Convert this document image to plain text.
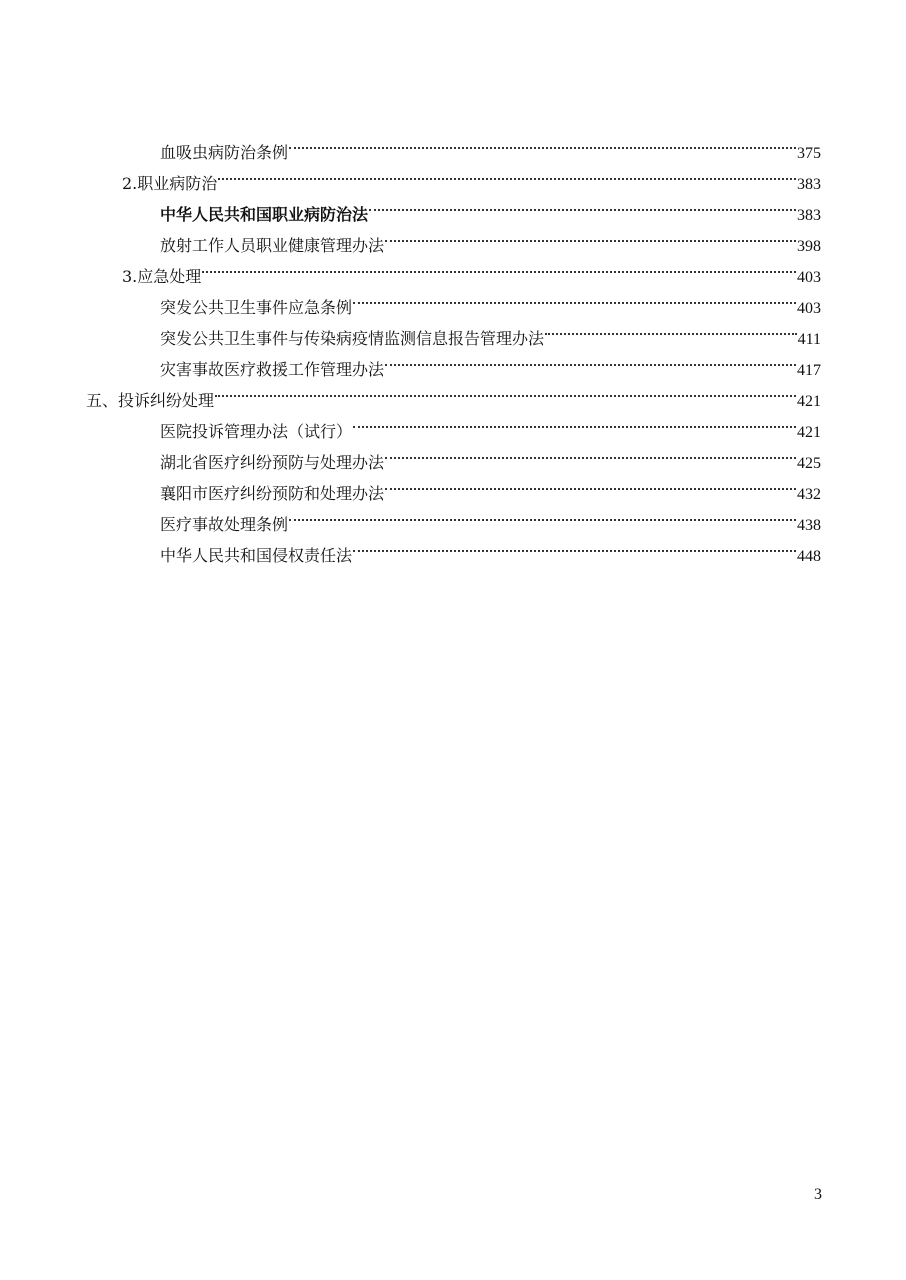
血吸虫病防治条例	375
2.职业病防治	383
中华人民共和国职业病防治法	383
放射工作人员职业健康管理办法	398
3.应急处理	403
突发公共卫生事件应急条例	403
突发公共卫生事件与传染病疫情监测信息报告管理办法	411
灾害事故医疗救援工作管理办法	417
五、投诉纠纷处理	421
医院投诉管理办法（试行）	421
湖北省医疗纠纷预防与处理办法	425
襄阳市医疗纠纷预防和处理办法	432
医疗事故处理条例	438
中华人民共和国侵权责任法	448
3
